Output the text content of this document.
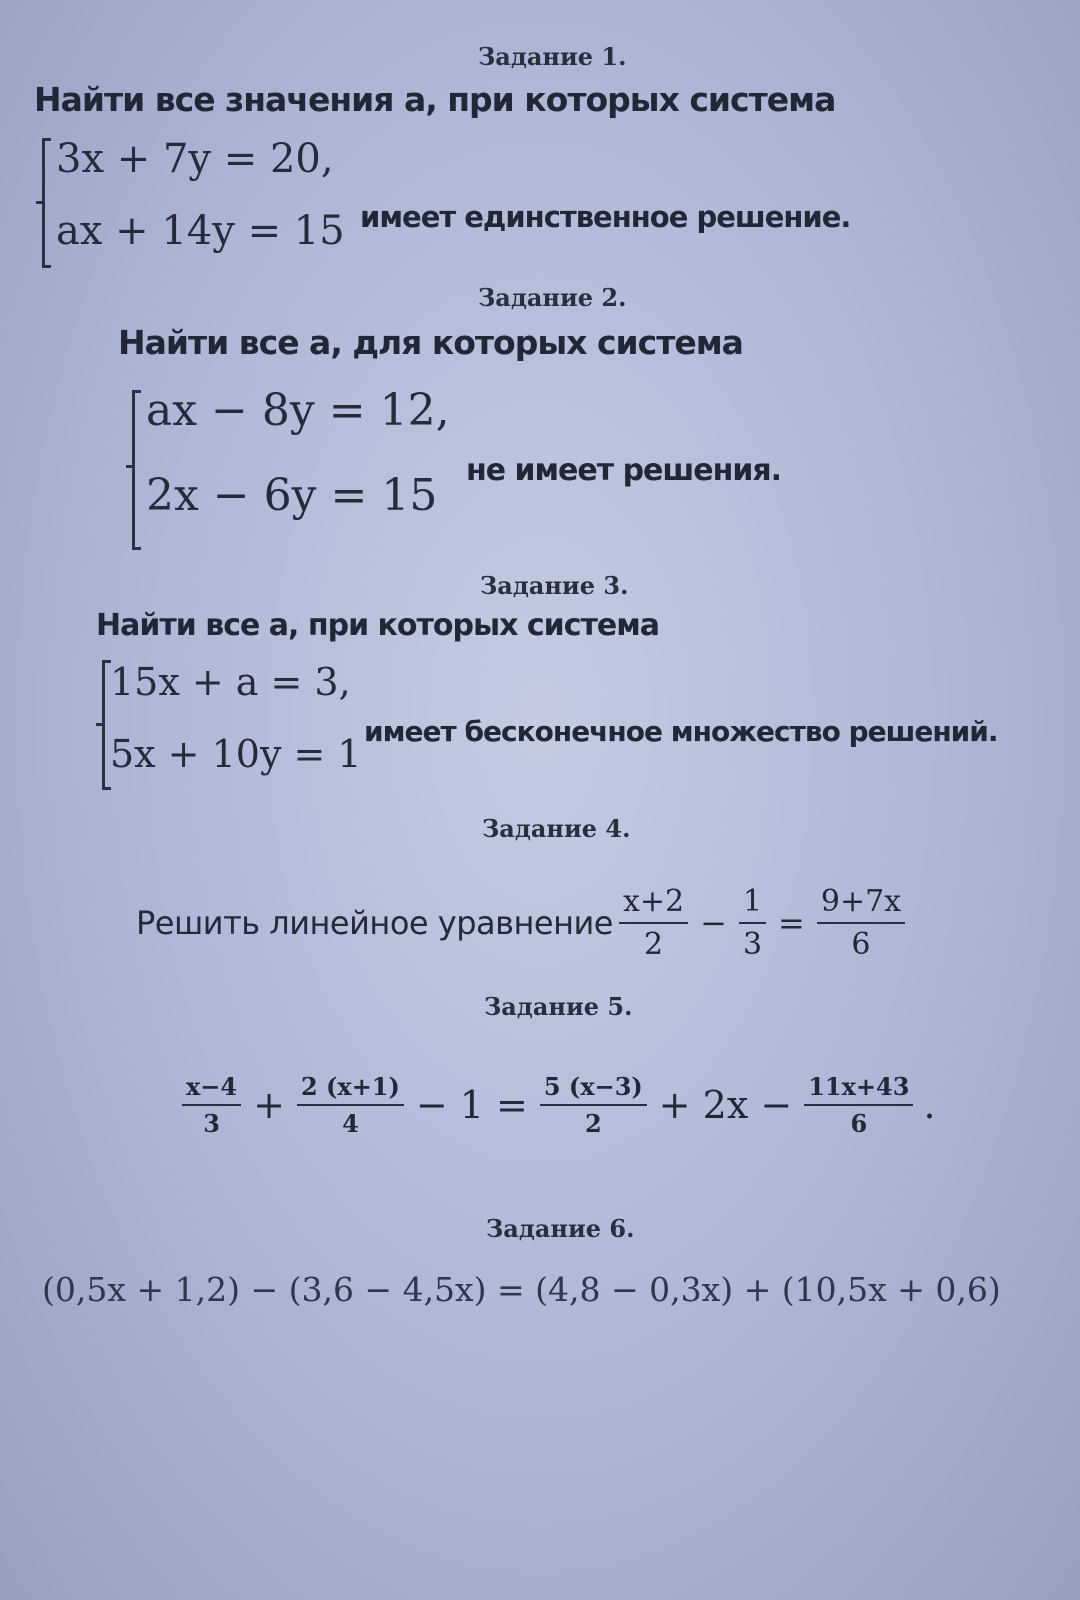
Задание 1.
Найти все значения a, при которых система
3x + 7y = 20,
ax + 14y = 15 имеет единственное решение.
Задание 2.
Найти все a, для которых система
ax − 8y = 12,
2x − 6y = 15 не имеет решения.
Задание 3.
Найти все a, при которых система
15x + a = 3,
5x + 10y = 1
имеет бесконечное множество решений.
Задание 4.
Решить линейное уравнение $\frac{x+2}{2} - \frac{1}{3} = \frac{9+7x}{6}$
Задание 5.
$\frac{x-4}{3} + \frac{2 (x+1)}{4} - 1 = \frac{5 (x-3)}{2} + 2x - \frac{11x+43}{6}$ .
Задание 6.
(0,5x + 1,2) − (3,6 − 4,5x) = (4,8 − 0,3x) + (10,5x + 0,6)
